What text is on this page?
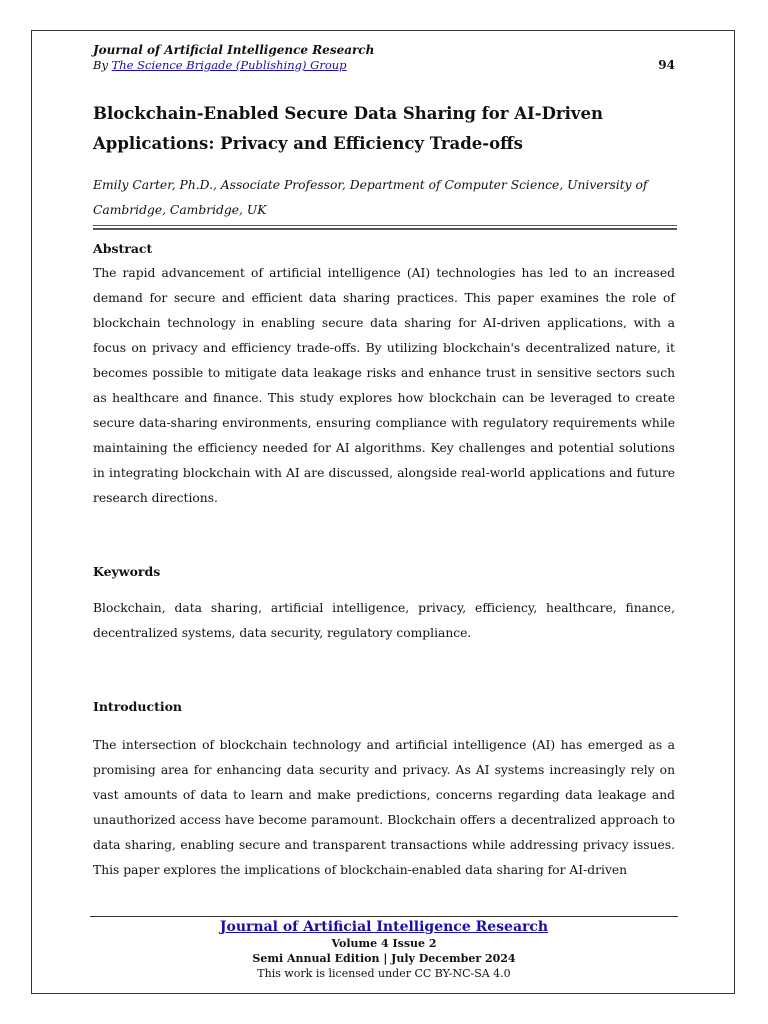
Journal of Artificial Intelligence Research
By The Science Brigade (Publishing) Group	94
Blockchain-Enabled Secure Data Sharing for AI-Driven Applications: Privacy and Efficiency Trade-offs
Emily Carter, Ph.D., Associate Professor, Department of Computer Science, University of Cambridge, Cambridge, UK
Abstract
The rapid advancement of artificial intelligence (AI) technologies has led to an increased demand for secure and efficient data sharing practices. This paper examines the role of blockchain technology in enabling secure data sharing for AI-driven applications, with a focus on privacy and efficiency trade-offs. By utilizing blockchain's decentralized nature, it becomes possible to mitigate data leakage risks and enhance trust in sensitive sectors such as healthcare and finance. This study explores how blockchain can be leveraged to create secure data-sharing environments, ensuring compliance with regulatory requirements while maintaining the efficiency needed for AI algorithms. Key challenges and potential solutions in integrating blockchain with AI are discussed, alongside real-world applications and future research directions.
Keywords
Blockchain, data sharing, artificial intelligence, privacy, efficiency, healthcare, finance, decentralized systems, data security, regulatory compliance.
Introduction
The intersection of blockchain technology and artificial intelligence (AI) has emerged as a promising area for enhancing data security and privacy. As AI systems increasingly rely on vast amounts of data to learn and make predictions, concerns regarding data leakage and unauthorized access have become paramount. Blockchain offers a decentralized approach to data sharing, enabling secure and transparent transactions while addressing privacy issues. This paper explores the implications of blockchain-enabled data sharing for AI-driven
Journal of Artificial Intelligence Research
Volume 4 Issue 2
Semi Annual Edition | July December 2024
This work is licensed under CC BY-NC-SA 4.0
